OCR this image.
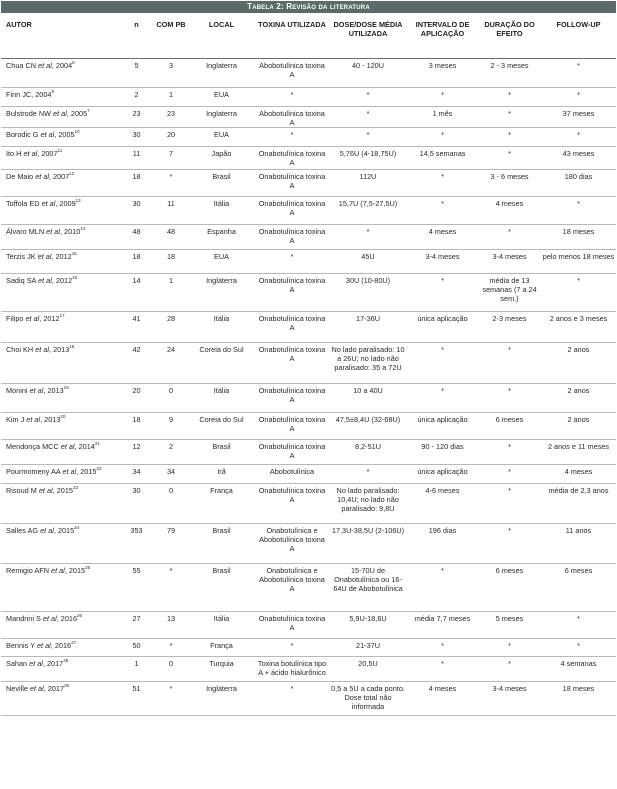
Tabela 2: Revisão da literatura
AUTOR	n	COM PB	LOCAL	TOXINA UTILIZADA	DOSE/DOSE MÉDIA UTILIZADA	INTERVALO DE APLICAÇÃO	DURAÇÃO DO EFEITO	FOLLOW-UP
Chua CN et al, 2004$^8$	5	3	Inglaterra	Abobotulínica toxina A	40 - 120U	3 meses	2 - 3 meses	*
Finn JC, 2004$^9$	2	1	EUA	*	*	*	*	*
Bulstrode NW et al, 2005$^7$	23	23	Inglaterra	Abobotulínica toxina A	*	1 mês	*	37 meses
Borodic G et al, 2005$^{10}$	30	20	EUA	*	*	*	*	*
Ito H et al, 2007$^{11}$	11	7	Japão	Onabotulínica toxina A	5,76U (4-18,75U)	14,5 semanas	*	43 meses
De Maio et al, 2007$^{12}$	18	*	Brasil	Onabotulínica toxina A	112U	*	3 - 6 meses	180 dias
Toffola ED et al, 2009$^{13}$	30	11	Itália	Onabotulínica toxina A	15,7U (7,5-27,5U)	*	4 meses	*
Álvaro MLN et al, 2010$^{14}$	48	48	Espanha	Onabotulínica toxina A	*	4 meses	*	18 meses
Terzis JK et al, 2012$^{15}$	18	18	EUA	*	45U	3-4 meses	3-4 meses	pelo menos 18 meses
Sadiq SA et al, 2012$^{16}$	14	1	Inglaterra	Onabotulínica toxina A	30U (10-80U)	*	média de 13 semanas (7 a 24 sem.)	*
Filipo et al, 2012$^{17}$	41	28	Itália	Onabotulínica toxina A	17-36U	única aplicação	2-3 meses	2 anos e 3 meses
Choi KH et al, 2013$^{18}$	42	24	Coreia do Sul	Onabotulínica toxina A	No lado paralisado: 10 a 26U; no lado não paralisado: 35 a 72U	*	*	2 anos
Monini et al, 2013$^{19}$	20	0	Itália	Onabotulínica toxina A	10 a 40U	*	*	2 anos
Kim J et al, 2013$^{20}$	18	9	Coreia do Sul	Onabotulínica toxina A	47,5±8,4U (32-68U)	única aplicação	6 meses	2 anos
Mendonça MCC et al, 2014$^{21}$	12	2	Brasil	Onabotulínica toxina A	8,2-51U	90 - 120 dias	*	2 anos e 11 meses
Pourmomeny AA et al, 2015$^{22}$	34	34	Irã	Abobotulínica	*	única aplicação	*	4 meses
Risoud M et al, 2015$^{23}$	30	0	França	Onabotulínica toxina A	No lado paralisado: 10,4U; no lado não paralisado: 9,8U	4-6 meses	*	média de 2,3 anos
Salles AG et al, 2015$^{24}$	353	79	Brasil	Onabotulínica e Abobotulínica toxina A	17,3U-38,5U (2-106U)	196 dias	*	11 anos
Remigio AFN et al, 2015$^{25}$	55	*	Brasil	Onabotulínica e Abobotulínica toxina A	15-70U de Onabotulínica ou 16-64U de Abobotulínica	*	6 meses	6 meses
Mandrini S et al, 2016$^{26}$	27	13	Itália	Onabotulínica toxina A	5,9U-18,6U	média 7,7 meses	5 meses	*
Bennis Y et al, 2016$^{27}$	50	*	França	*	21-37U	*	*	*
Sahan et al, 2017$^{28}$	1	0	Turquia	Toxina botulínica tipo A + ácido hialurônico	20,5U	*	*	4 semanas
Neville et al, 2017$^{29}$	51	*	Inglaterra	*	0,5 a 5U a cada ponto. Dose total não informada	4 meses	3-4 meses	18 meses
